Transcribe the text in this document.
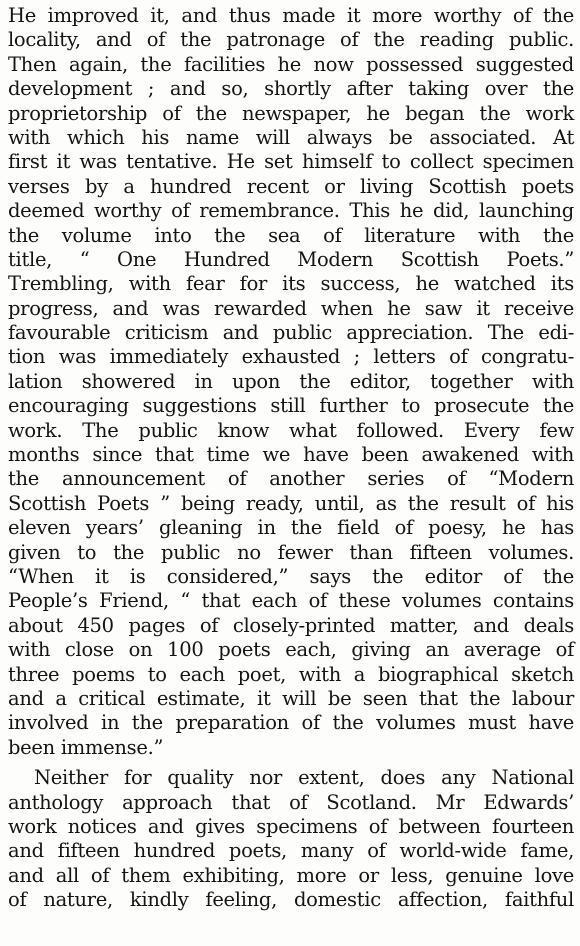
He improved it, and thus made it more worthy of the
locality, and of the patronage of the reading public.
Then again, the facilities he now possessed suggested
development ; and so, shortly after taking over the
proprietorship of the newspaper, he began the work
with which his name will always be associated. At
first it was tentative. He set himself to collect specimen
verses by a hundred recent or living Scottish poets
deemed worthy of remembrance. This he did, launching
the volume into the sea of literature with the
title, “ One Hundred Modern Scottish Poets.”
Trembling, with fear for its success, he watched its
progress, and was rewarded when he saw it receive
favourable criticism and public appreciation. The edi-
tion was immediately exhausted ; letters of congratu-
lation showered in upon the editor, together with
encouraging suggestions still further to prosecute the
work. The public know what followed. Every few
months since that time we have been awakened with
the announcement of another series of “Modern
Scottish Poets ” being ready, until, as the result of his
eleven years’ gleaning in the field of poesy, he has
given to the public no fewer than fifteen volumes.
“When it is considered,” says the editor of the
People’s Friend, “ that each of these volumes contains
about 450 pages of closely-printed matter, and deals
with close on 100 poets each, giving an average of
three poems to each poet, with a biographical sketch
and a critical estimate, it will be seen that the labour
involved in the preparation of the volumes must have
been immense.”
Neither for quality nor extent, does any National
anthology approach that of Scotland. Mr Edwards’
work notices and gives specimens of between fourteen
and fifteen hundred poets, many of world-wide fame,
and all of them exhibiting, more or less, genuine love
of nature, kindly feeling, domestic affection, faithful
